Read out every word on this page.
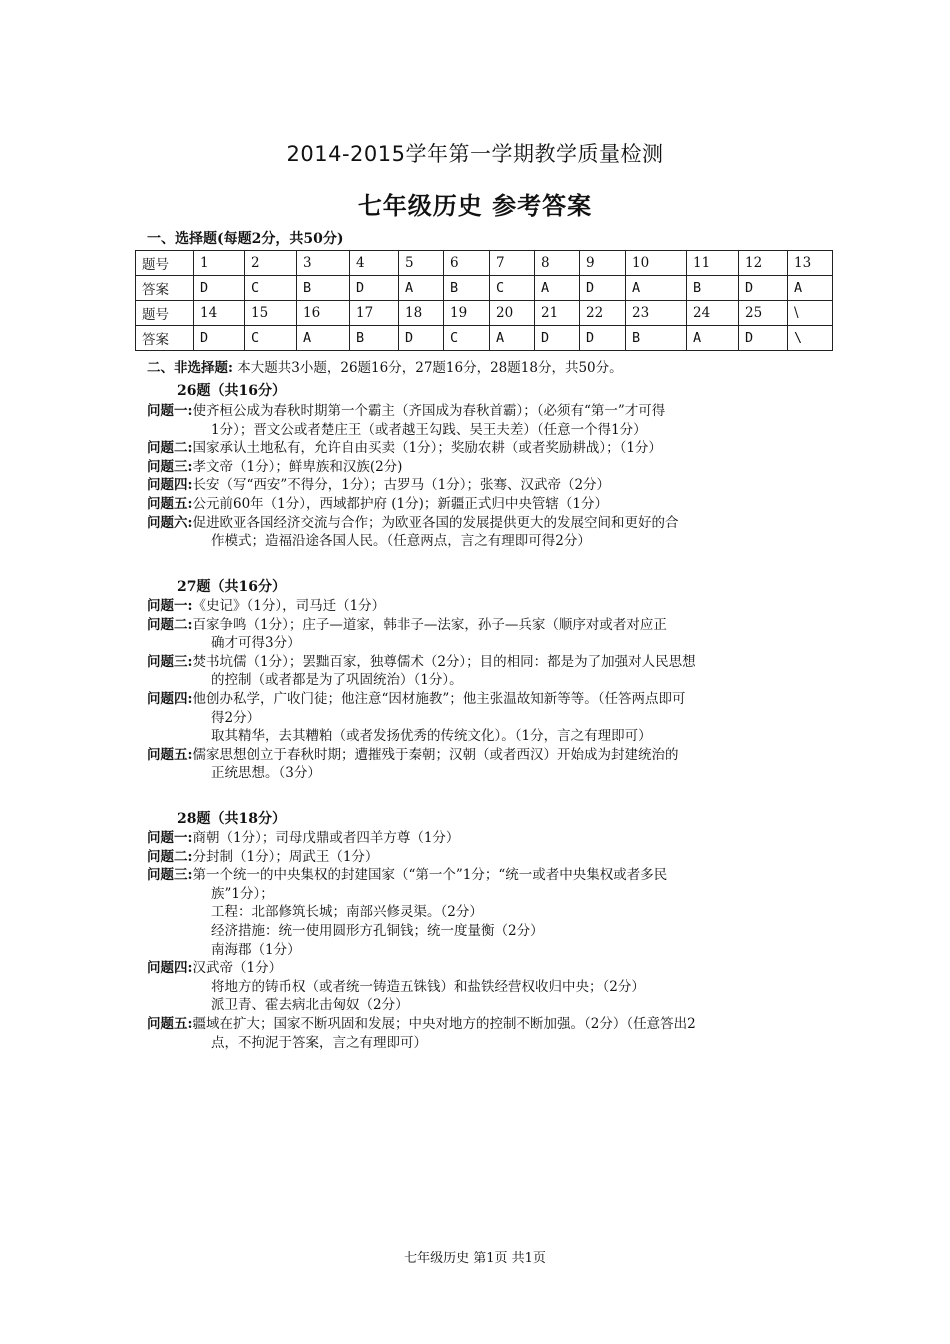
2014-2015学年第一学期教学质量检测
七年级历史 参考答案
一、选择题(每题2分，共50分)
题号	1	2	3	4	5	6	7	8	9	10	11	12	13
答案	D	C	B	D	A	B	C	A	D	A	B	D	A
题号	14	15	16	17	18	19	20	21	22	23	24	25	\
答案	D	C	A	B	D	C	A	D	D	B	A	D	\
二、非选择题: 本大题共3小题，26题16分，27题16分，28题18分，共50分。
26题（共16分）
问题一: 使齐桓公成为春秋时期第一个霸主（齐国成为春秋首霸）；（必须有“第一”才可得
1分）；晋文公或者楚庄王（或者越王勾践、吴王夫差）（任意一个得1分）
问题二: 国家承认土地私有，允许自由买卖（1分）；奖励农耕（或者奖励耕战）；（1分）
问题三: 孝文帝（1分）；鲜卑族和汉族(2分)
问题四: 长安（写“西安”不得分，1分）；古罗马（1分）；张骞、汉武帝（2分）
问题五: 公元前60年（1分），西域都护府 (1分)；新疆正式归中央管辖（1分）
问题六: 促进欧亚各国经济交流与合作；为欧亚各国的发展提供更大的发展空间和更好的合
作模式；造福沿途各国人民。（任意两点，言之有理即可得2分）
27题（共16分）
问题一: 《史记》（1分），司马迁（1分）
问题二: 百家争鸣（1分）；庄子—道家，韩非子—法家，孙子—兵家（顺序对或者对应正
确才可得3分）
问题三: 焚书坑儒（1分）；罢黜百家，独尊儒术（2分）；目的相同：都是为了加强对人民思想
的控制（或者都是为了巩固统治）（1分）。
问题四: 他创办私学，广收门徒；他注意“因材施教”；他主张温故知新等等。（任答两点即可
得2分）
取其精华，去其糟粕（或者发扬优秀的传统文化）。（1分，言之有理即可）
问题五: 儒家思想创立于春秋时期；遭摧残于秦朝；汉朝（或者西汉）开始成为封建统治的
正统思想。（3分）
28题（共18分）
问题一: 商朝（1分）；司母戊鼎或者四羊方尊（1分）
问题二: 分封制（1分）；周武王（1分）
问题三: 第一个统一的中央集权的封建国家（“第一个”1分；“统一或者中央集权或者多民
族”1分）；
工程：北部修筑长城；南部兴修灵渠。（2分）
经济措施：统一使用圆形方孔铜钱；统一度量衡（2分）
南海郡（1分）
问题四: 汉武帝（1分）
将地方的铸币权（或者统一铸造五铢钱）和盐铁经营权收归中央；（2分）
派卫青、霍去病北击匈奴（2分）
问题五: 疆域在扩大；国家不断巩固和发展；中央对地方的控制不断加强。（2分）（任意答出2
点，不拘泥于答案，言之有理即可）
七年级历史 第1页 共1页
